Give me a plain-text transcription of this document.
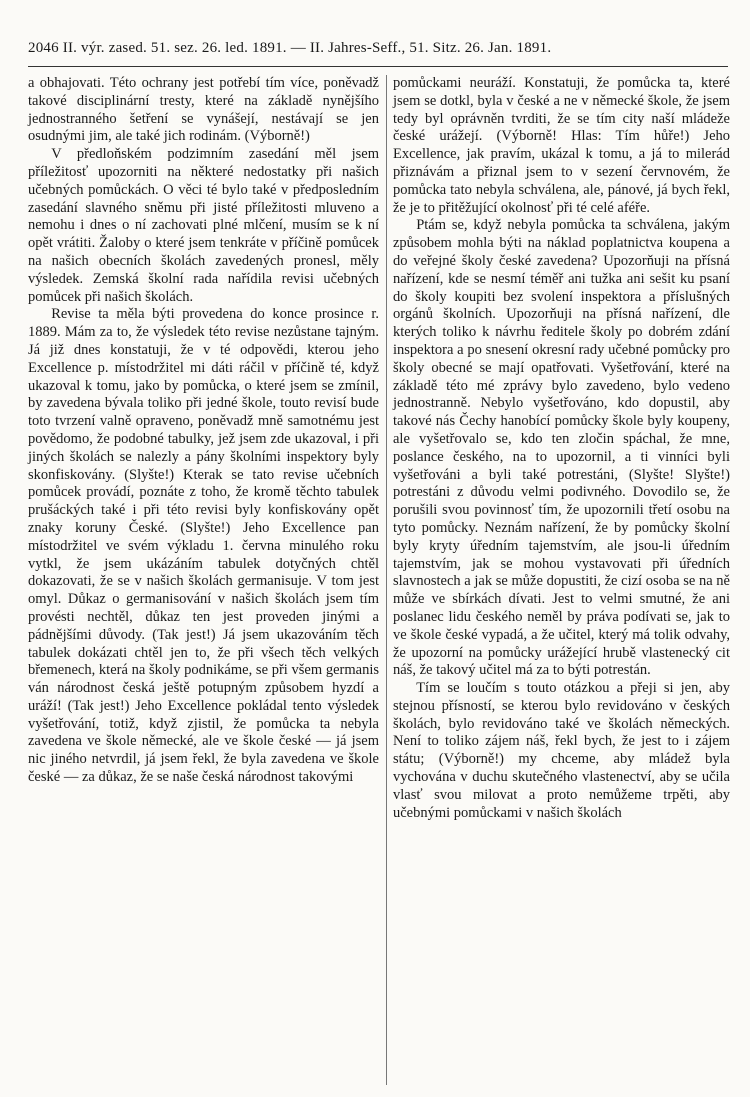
2046 II. výr. zased. 51. sez. 26. led. 1891. — II. Jahres-Seff., 51. Sitz. 26. Jan. 1891.

a obhajovati. Této ochrany jest potřebí tím více, poněvadž takové disciplinární tresty, které na základě nynějšího jednostranného šetření se vynášejí, nestávají se jen osudnými jim, ale také jich rodinám. (Výborně!)

V předloňském podzimním zasedání měl jsem příležitosť upozorniti na některé nedostatky při našich učebných pomůckách. O věci té bylo také v předposledním zasedání slavného sněmu při jisté příležitosti mluveno a nemohu i dnes o ní zachovati plné mlčení, musím se k ní opět vrátiti. Žaloby o které jsem tenkráte v příčině pomůcek na našich obecních školách zavedených pronesl, měly výsledek. Zemská školní rada nařídila revisi učebných pomůcek při našich školách.

Revise ta měla býti provedena do konce prosince r. 1889. Mám za to, že výsledek této revise nezůstane tajným. Já již dnes konstatuji, že v té odpovědi, kterou jeho Excellence p. místodržitel mi dáti ráčil v příčině té, když ukazoval k tomu, jako by pomůcka, o které jsem se zmínil, by zavedena bývala toliko při jedné škole, touto revisí bude toto tvrzení valně opraveno, poněvadž mně samotnému jest povědomo, že podobné tabulky, jež jsem zde ukazoval, i při jiných školách se nalezly a pány školními inspektory byly skonfiskovány. (Slyšte!) Kterak se tato revise učebních pomůcek provádí, poznáte z toho, že kromě těchto tabulek prušáckých také i při této revisi byly konfiskovány opět znaky koruny České. (Slyšte!) Jeho Excellence pan místodržitel ve svém výkladu 1. června minulého roku vytkl, že jsem ukázáním tabulek dotyčných chtěl dokazovati, že se v našich školách germanisuje. V tom jest omyl. Důkaz o germanisování v našich školách jsem tím provésti nechtěl, důkaz ten jest proveden jinými a pádnějšími důvody. (Tak jest!) Já jsem ukazováním těch tabulek dokázati chtěl jen to, že při všech těch velkých břemenech, která na školy podnikáme, se při všem germanis ván národnost česká ještě potupným způsobem hyzdí a uráží! (Tak jest!) Jeho Excellence pokládal tento výsledek vyšetřování, totiž, když zjistil, že pomůcka ta nebyla zavedena ve škole německé, ale ve škole české — já jsem nic jiného netvrdil, já jsem řekl, že byla zavedena ve škole české — za důkaz, že se naše česká národnost takovými

pomůckami neuráží. Konstatuji, že pomůcka ta, které jsem se dotkl, byla v české a ne v německé škole, že jsem tedy byl oprávněn tvrditi, že se tím city naší mládeže české urážejí. (Výborně! Hlas: Tím hůře!) Jeho Excellence, jak pravím, ukázal k tomu, a já to milerád přiznávám a přiznal jsem to v sezení červnovém, že pomůcka tato nebyla schválena, ale, pánové, já bych řekl, že je to přitěžující okolnosť při té celé aféře.

Ptám se, když nebyla pomůcka ta schválena, jakým způsobem mohla býti na náklad poplatnictva koupena a do veřejné školy české zavedena? Upozorňuji na přísná nařízení, kde se nesmí téměř ani tužka ani sešit ku psaní do školy koupiti bez svolení inspektora a příslušných orgánů školních. Upozorňuji na přísná nařízení, dle kterých toliko k návrhu ředitele školy po dobrém zdání inspektora a po snesení okresní rady učebné pomůcky pro školy obecné se mají opatřovati. Vyšetřování, které na základě této mé zprávy bylo zavedeno, bylo vedeno jednostranně. Nebylo vyšetřováno, kdo dopustil, aby takové nás Čechy hanobící pomůcky škole byly koupeny, ale vyšetřovalo se, kdo ten zločin spáchal, že mne, poslance českého, na to upozornil, a ti vinníci byli vyšetřováni a byli také potrestáni, (Slyšte! Slyšte!) potrestáni z důvodu velmi podivného. Dovodilo se, že porušili svou povinnosť tím, že upozornili třetí osobu na tyto pomůcky. Neznám nařízení, že by pomůcky školní byly kryty úředním tajemstvím, ale jsou-li úředním tajemstvím, jak se mohou vystavovati při úředních slavnostech a jak se může dopustiti, že cizí osoba se na ně může ve sbírkách dívati. Jest to velmi smutné, že ani poslanec lidu českého neměl by práva podívati se, jak to ve škole české vypadá, a že učitel, který má tolik odvahy, že upozorní na pomůcky urážející hrubě vlastenecký cit náš, že takový učitel má za to býti potrestán.

Tím se loučím s touto otázkou a přeji si jen, aby stejnou přísností, se kterou bylo revidováno v českých školách, bylo revidováno také ve školách německých. Není to toliko zájem náš, řekl bych, že jest to i zájem státu; (Výborně!) my chceme, aby mládež byla vychována v duchu skutečného vlastenectví, aby se učila vlasť svou milovat a proto nemůžeme trpěti, aby učebnými pomůckami v našich školách
